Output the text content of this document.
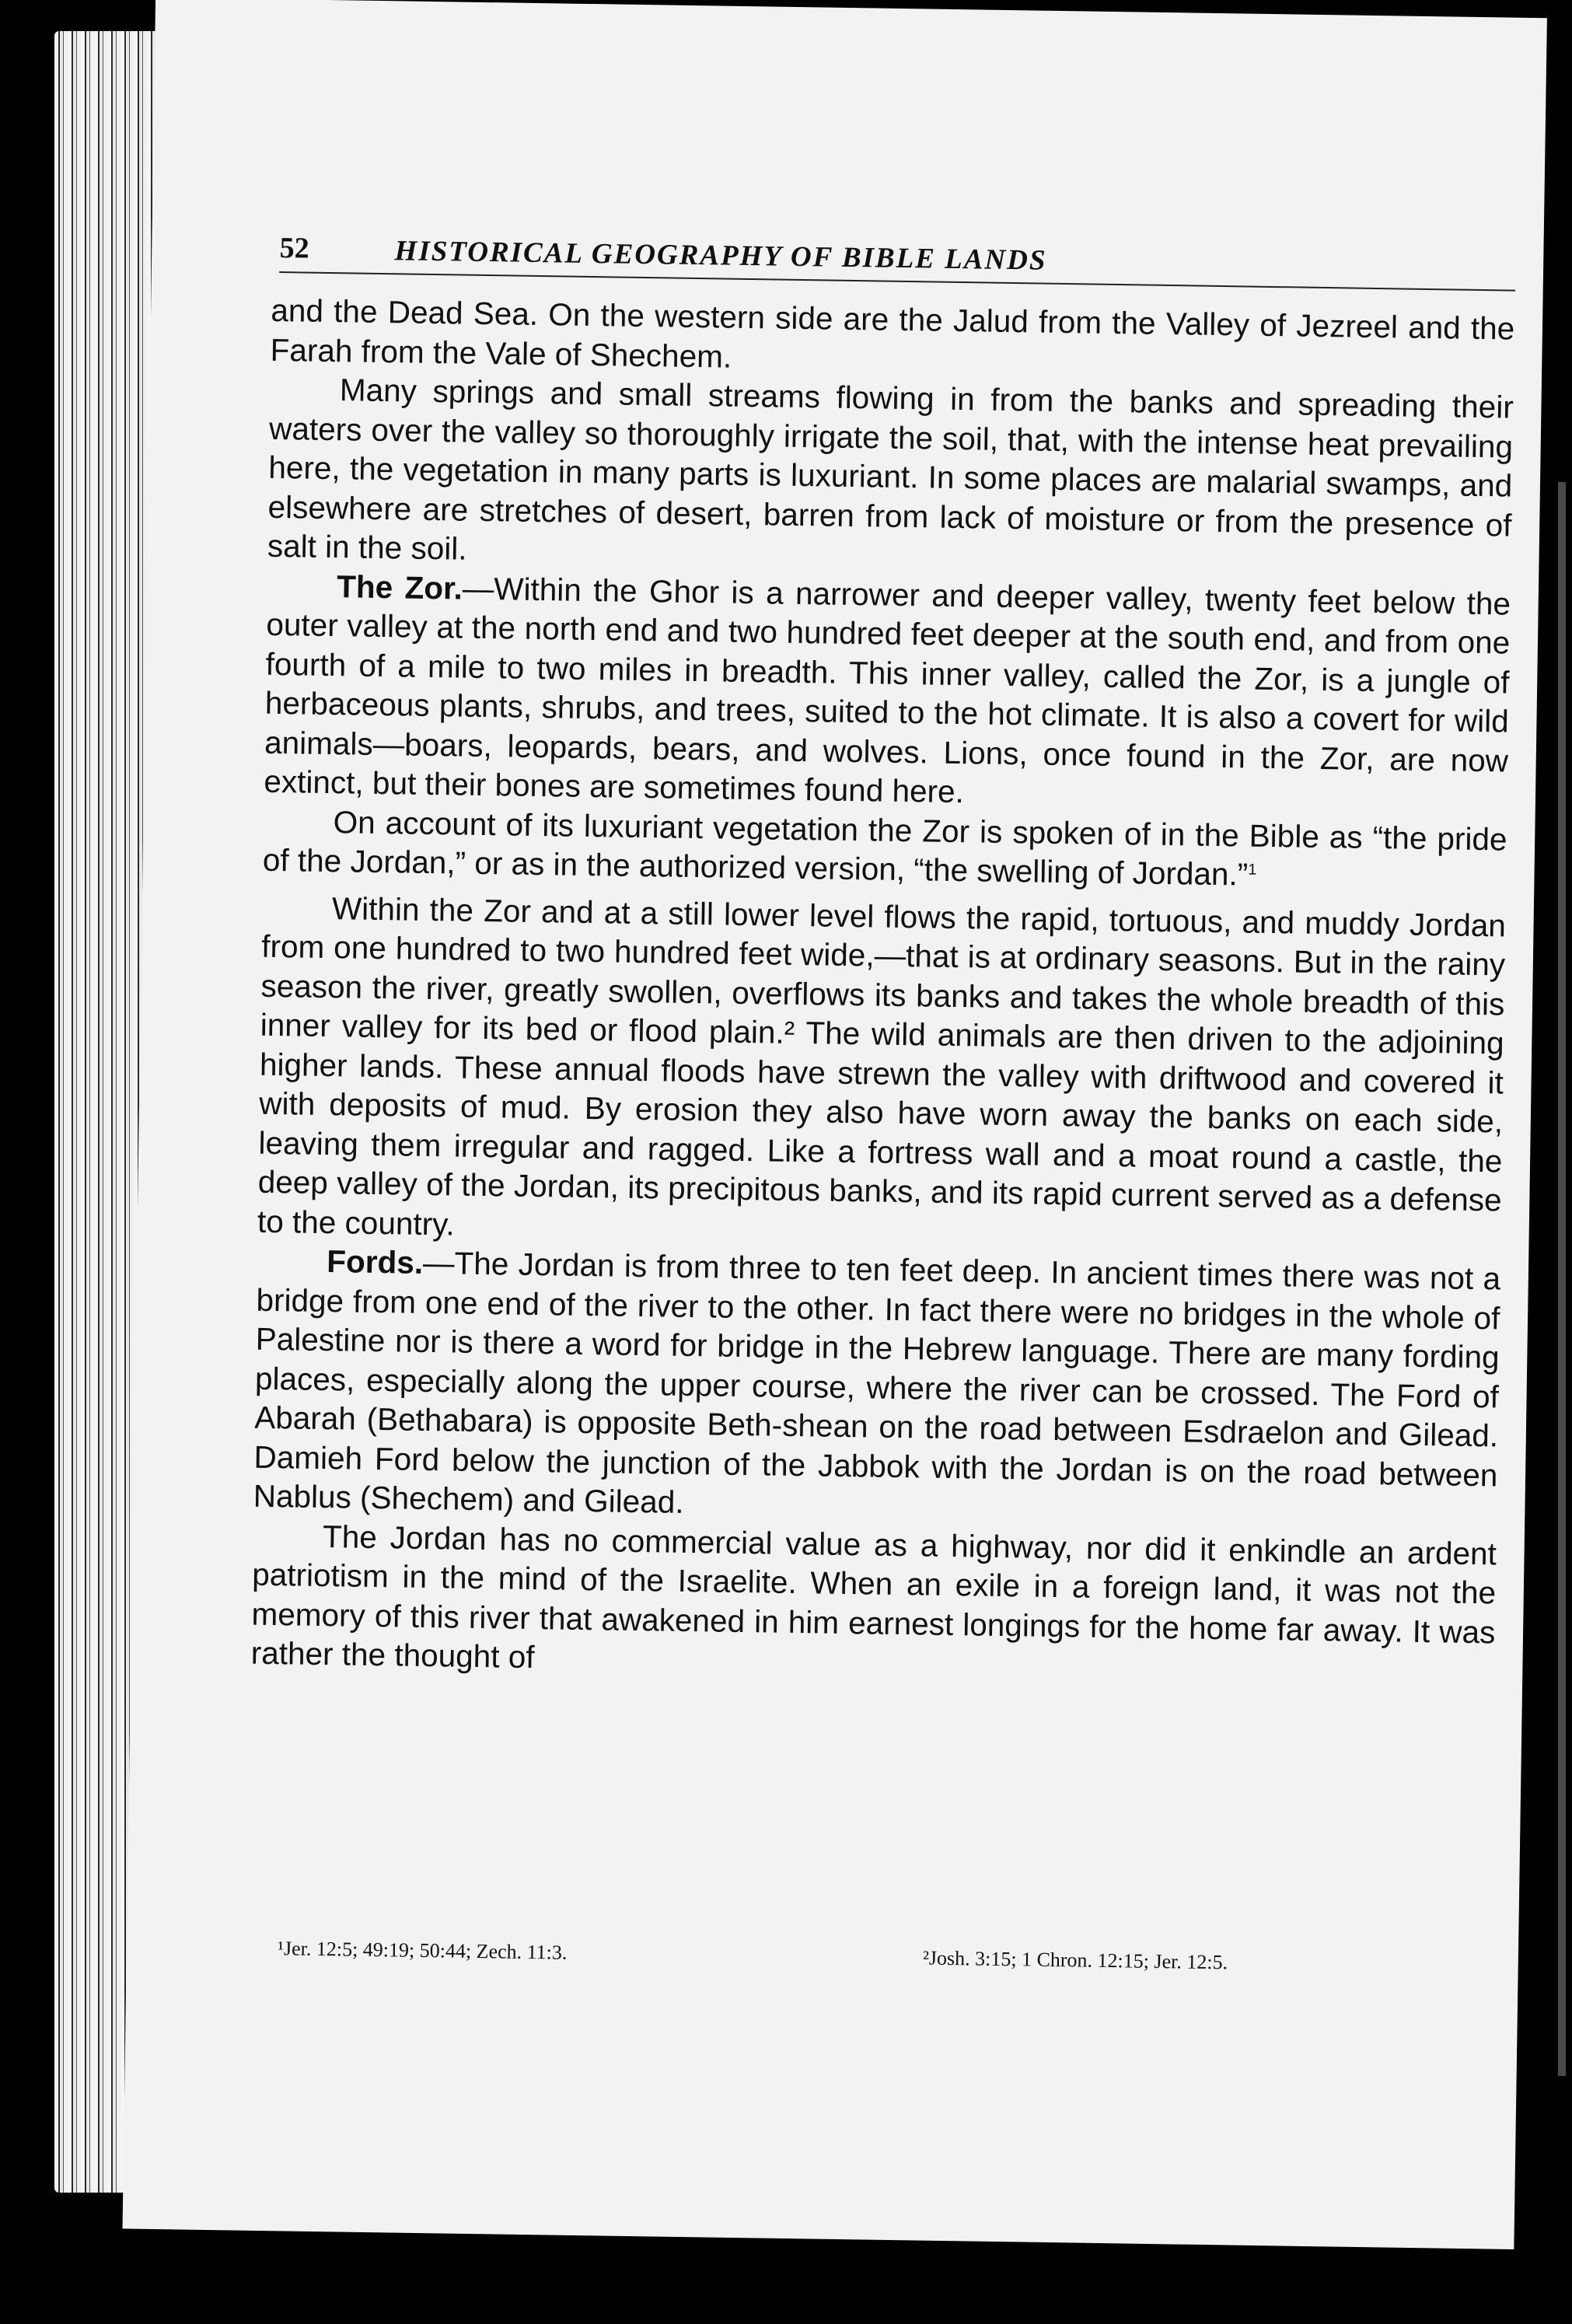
52	HISTORICAL GEOGRAPHY OF BIBLE LANDS

and the Dead Sea. On the western side are the Jalud from the Valley of Jezreel and the Farah from the Vale of Shechem.

Many springs and small streams flowing in from the banks and spreading their waters over the valley so thoroughly irrigate the soil, that, with the intense heat prevailing here, the vegetation in many parts is luxuriant. In some places are malarial swamps, and elsewhere are stretches of desert, barren from lack of moisture or from the presence of salt in the soil.

The Zor.—Within the Ghor is a narrower and deeper valley, twenty feet below the outer valley at the north end and two hundred feet deeper at the south end, and from one fourth of a mile to two miles in breadth. This inner valley, called the Zor, is a jungle of herbaceous plants, shrubs, and trees, suited to the hot climate. It is also a covert for wild animals—boars, leopards, bears, and wolves. Lions, once found in the Zor, are now extinct, but their bones are sometimes found here.

On account of its luxuriant vegetation the Zor is spoken of in the Bible as “the pride of the Jordan,” or as in the authorized version, “the swelling of Jordan.”$^1$

Within the Zor and at a still lower level flows the rapid, tortuous, and muddy Jordan from one hundred to two hundred feet wide,—that is at ordinary seasons. But in the rainy season the river, greatly swollen, overflows its banks and takes the whole breadth of this inner valley for its bed or flood plain.² The wild animals are then driven to the adjoining higher lands. These annual floods have strewn the valley with driftwood and covered it with deposits of mud. By erosion they also have worn away the banks on each side, leaving them irregular and ragged. Like a fortress wall and a moat round a castle, the deep valley of the Jordan, its precipitous banks, and its rapid current served as a defense to the country.

Fords.—The Jordan is from three to ten feet deep. In ancient times there was not a bridge from one end of the river to the other. In fact there were no bridges in the whole of Palestine nor is there a word for bridge in the Hebrew language. There are many fording places, especially along the upper course, where the river can be crossed. The Ford of Abarah (Bethabara) is opposite Beth-shean on the road between Esdraelon and Gilead. Damieh Ford below the junction of the Jabbok with the Jordan is on the road between Nablus (Shechem) and Gilead.

The Jordan has no commercial value as a highway, nor did it enkindle an ardent patriotism in the mind of the Israelite. When an exile in a foreign land, it was not the memory of this river that awakened in him earnest longings for the home far away. It was rather the thought of

¹Jer. 12:5; 49:19; 50:44; Zech. 11:3.	²Josh. 3:15; 1 Chron. 12:15; Jer. 12:5.
